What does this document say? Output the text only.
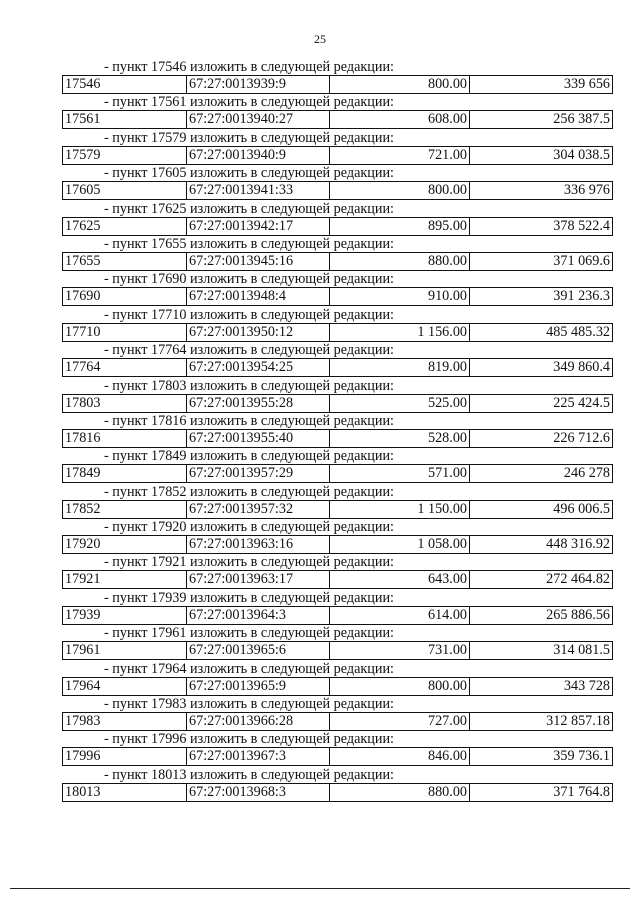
25
- пункт 17546 изложить в следующей редакции:
17546	67:27:0013939:9	800.00	339 656
- пункт 17561 изложить в следующей редакции:
17561	67:27:0013940:27	608.00	256 387.5
- пункт 17579 изложить в следующей редакции:
17579	67:27:0013940:9	721.00	304 038.5
- пункт 17605 изложить в следующей редакции:
17605	67:27:0013941:33	800.00	336 976
- пункт 17625 изложить в следующей редакции:
17625	67:27:0013942:17	895.00	378 522.4
- пункт 17655 изложить в следующей редакции:
17655	67:27:0013945:16	880.00	371 069.6
- пункт 17690 изложить в следующей редакции:
17690	67:27:0013948:4	910.00	391 236.3
- пункт 17710 изложить в следующей редакции:
17710	67:27:0013950:12	1 156.00	485 485.32
- пункт 17764 изложить в следующей редакции:
17764	67:27:0013954:25	819.00	349 860.4
- пункт 17803 изложить в следующей редакции:
17803	67:27:0013955:28	525.00	225 424.5
- пункт 17816 изложить в следующей редакции:
17816	67:27:0013955:40	528.00	226 712.6
- пункт 17849 изложить в следующей редакции:
17849	67:27:0013957:29	571.00	246 278
- пункт 17852 изложить в следующей редакции:
17852	67:27:0013957:32	1 150.00	496 006.5
- пункт 17920 изложить в следующей редакции:
17920	67:27:0013963:16	1 058.00	448 316.92
- пункт 17921 изложить в следующей редакции:
17921	67:27:0013963:17	643.00	272 464.82
- пункт 17939 изложить в следующей редакции:
17939	67:27:0013964:3	614.00	265 886.56
- пункт 17961 изложить в следующей редакции:
17961	67:27:0013965:6	731.00	314 081.5
- пункт 17964 изложить в следующей редакции:
17964	67:27:0013965:9	800.00	343 728
- пункт 17983 изложить в следующей редакции:
17983	67:27:0013966:28	727.00	312 857.18
- пункт 17996 изложить в следующей редакции:
17996	67:27:0013967:3	846.00	359 736.1
- пункт 18013 изложить в следующей редакции:
18013	67:27:0013968:3	880.00	371 764.8
